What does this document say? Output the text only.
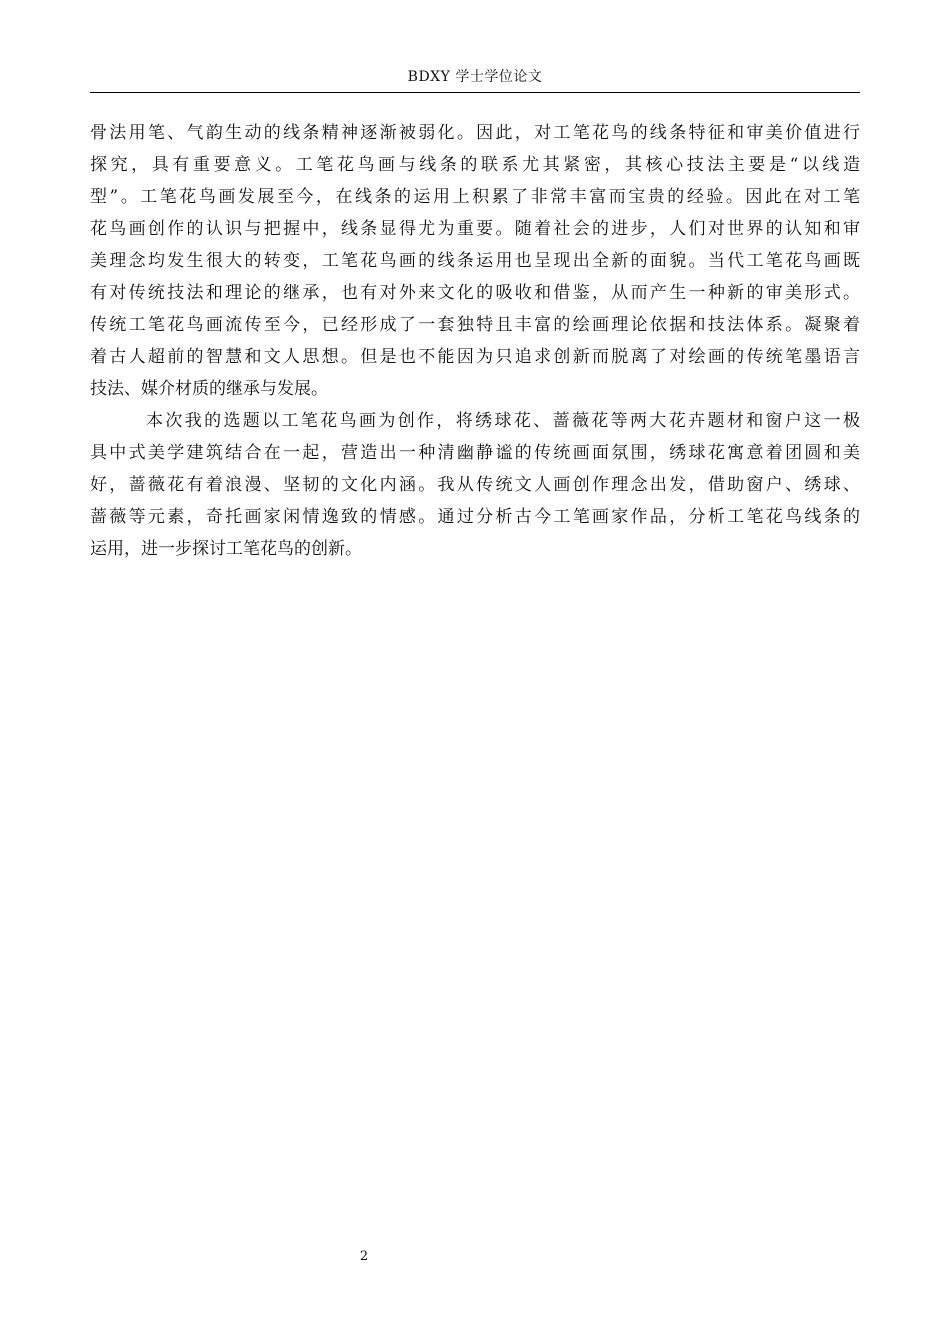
BDXY 学士学位论文
骨法用笔、气韵生动的线条精神逐渐被弱化。因此，对工笔花鸟的线条特征和审美价值进行
探究，具有重要意义。工笔花鸟画与线条的联系尤其紧密，其核心技法主要是“以线造
型”。工笔花鸟画发展至今，在线条的运用上积累了非常丰富而宝贵的经验。因此在对工笔
花鸟画创作的认识与把握中，线条显得尤为重要。随着社会的进步，人们对世界的认知和审
美理念均发生很大的转变，工笔花鸟画的线条运用也呈现出全新的面貌。当代工笔花鸟画既
有对传统技法和理论的继承，也有对外来文化的吸收和借鉴，从而产生一种新的审美形式。
传统工笔花鸟画流传至今，已经形成了一套独特且丰富的绘画理论依据和技法体系。凝聚着
着古人超前的智慧和文人思想。但是也不能因为只追求创新而脱离了对绘画的传统笔墨语言
技法、媒介材质的继承与发展。
本次我的选题以工笔花鸟画为创作，将绣球花、蔷薇花等两大花卉题材和窗户这一极
具中式美学建筑结合在一起，营造出一种清幽静谧的传统画面氛围，绣球花寓意着团圆和美
好，蔷薇花有着浪漫、坚韧的文化内涵。我从传统文人画创作理念出发，借助窗户、绣球、
蔷薇等元素，奇托画家闲情逸致的情感。通过分析古今工笔画家作品，分析工笔花鸟线条的
运用，进一步探讨工笔花鸟的创新。
2
